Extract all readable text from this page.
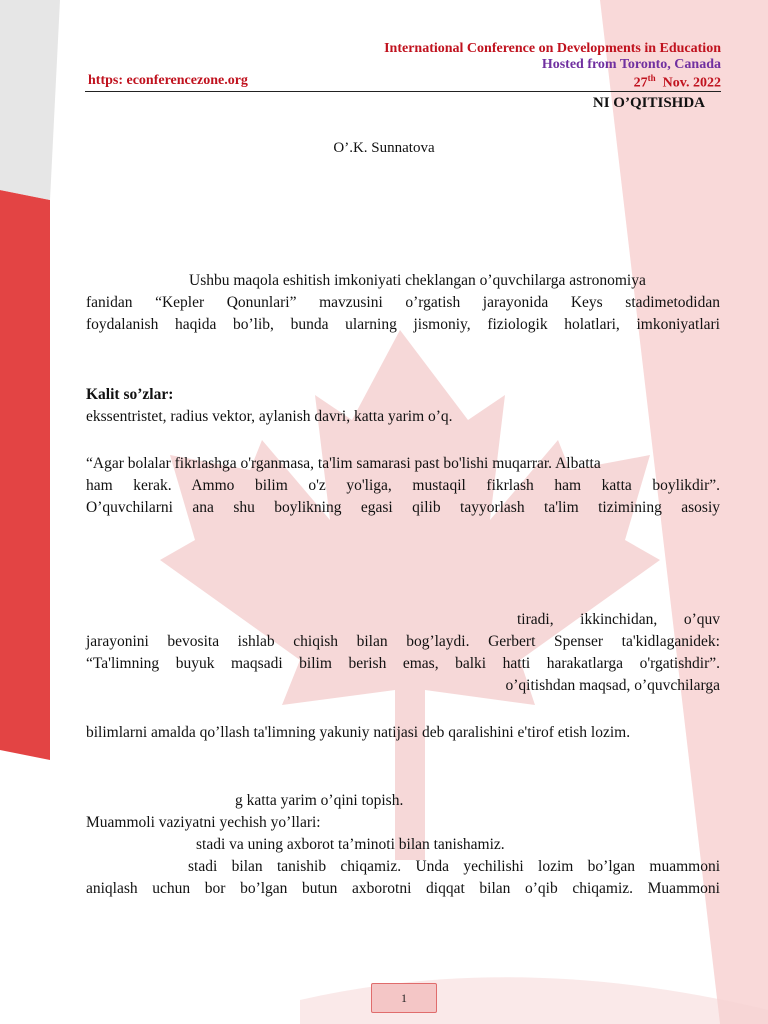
International Conference on Developments in Education
Hosted from Toronto, Canada
https: econferencezone.org	27th Nov. 2022
NI O’QITISHDA
O’.K. Sunnatova
Ushbu maqola eshitish imkoniyati cheklangan o’quvchilarga astronomiya
fanidan “Kepler Qonunlari” mavzusini o’rgatish jarayonida Keys stadimetodidan
foydalanish haqida bo’lib, bunda ularning jismoniy, fiziologik holatlari, imkoniyatlari
Kalit so’zlar:
ekssentristet, radius vektor, aylanish davri, katta yarim o’q.
“Agar bolalar fikrlashga o'rganmasa, ta'lim samarasi past bo'lishi muqarrar. Albatta
ham kerak. Ammo bilim o'z yo'liga, mustaqil fikrlash ham katta boylikdir”.
O’quvchilarni ana shu boylikning egasi qilib tayyorlash ta'lim tizimining asosiy
tiradi, ikkinchidan, o’quv
jarayonini bevosita ishlab chiqish bilan bog’laydi. Gerbert Spenser ta'kidlaganidek:
“Ta'limning buyuk maqsadi bilim berish emas, balki hatti harakatlarga o'rgatishdir”.
o’qitishdan maqsad, o’quvchilarga
bilimlarni amalda qo’llash ta'limning yakuniy natijasi deb qaralishini e'tirof etish lozim.
g katta yarim o’qini topish.
Muammoli vaziyatni yechish yo’llari:
stadi va uning axborot ta’minoti bilan tanishamiz.
stadi bilan tanishib chiqamiz. Unda yechilishi lozim bo’lgan muammoni
aniqlash uchun bor bo’lgan butun axborotni diqqat bilan o’qib chiqamiz. Muammoni
1
